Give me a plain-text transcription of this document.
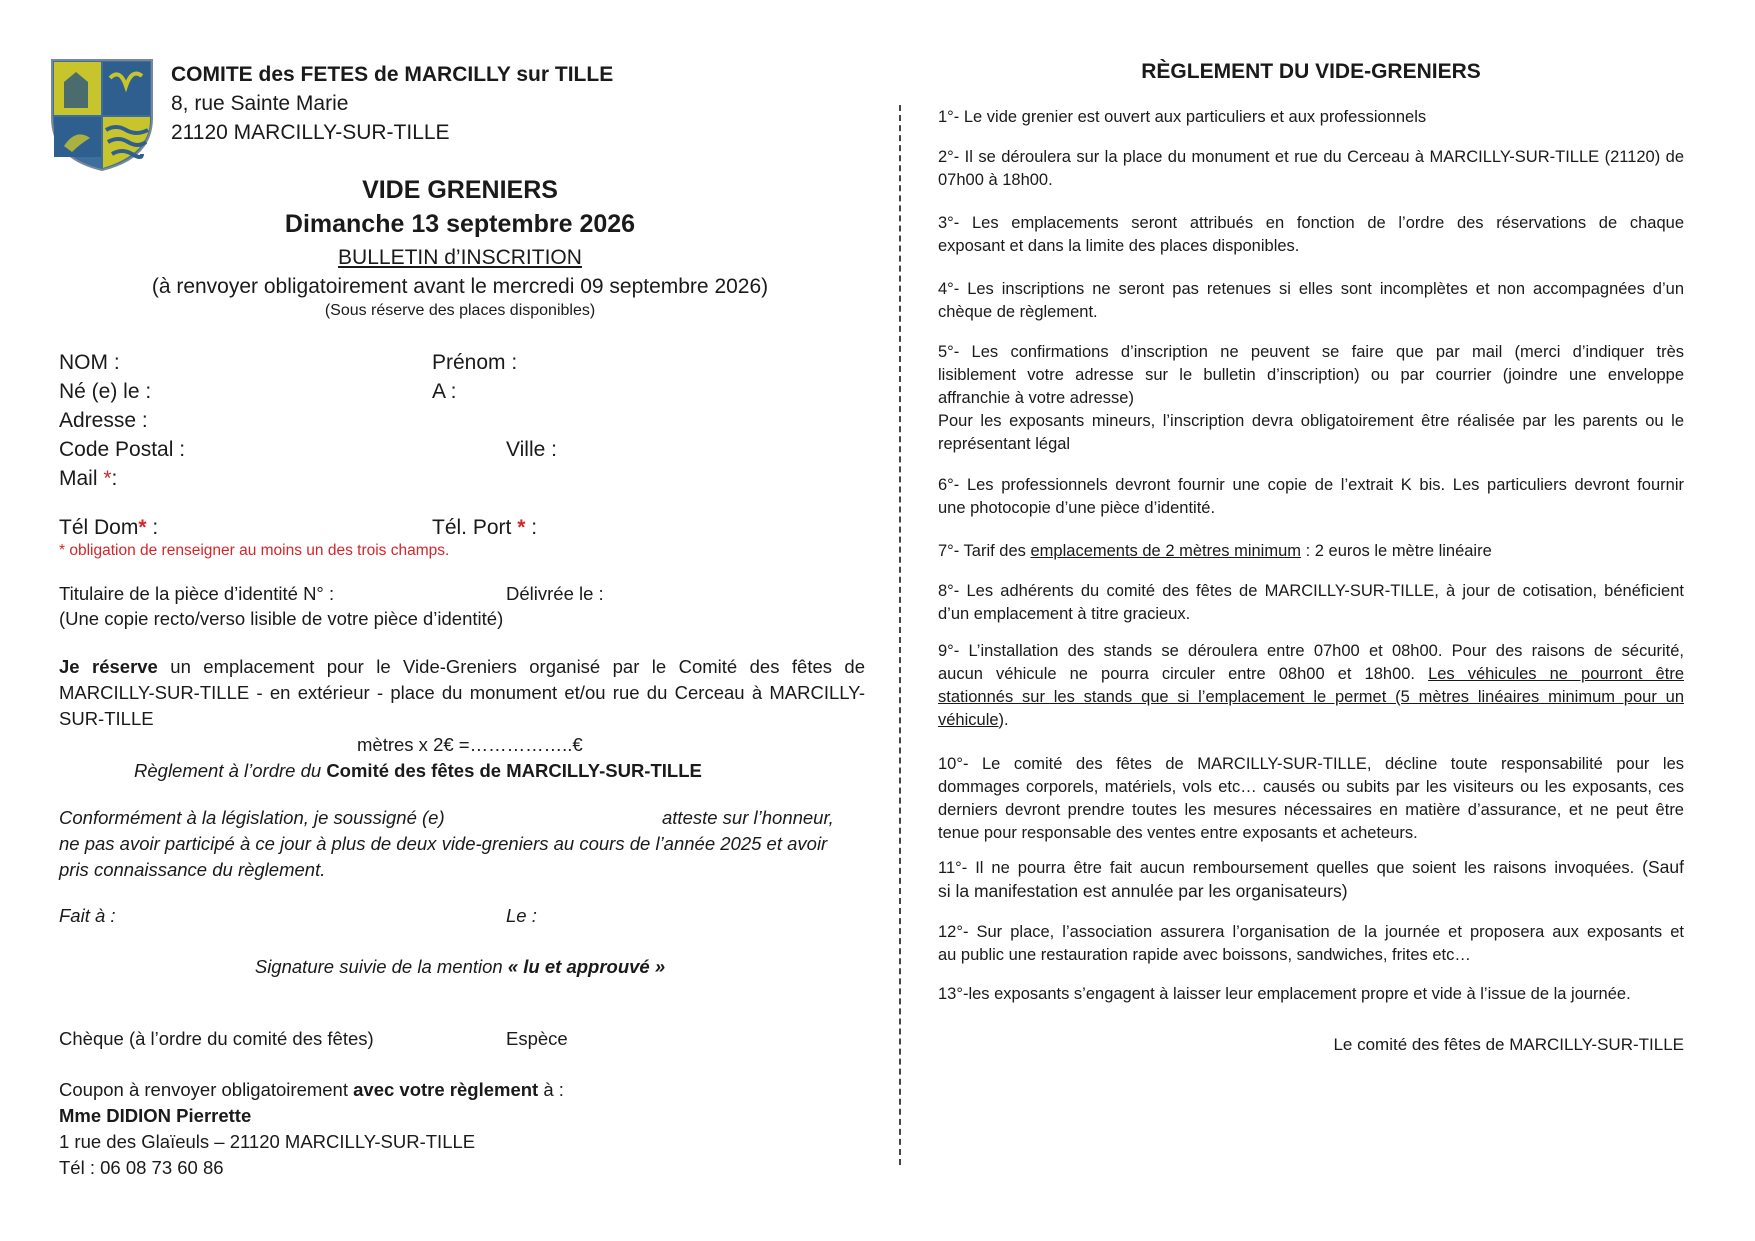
COMITE des FETES de MARCILLY sur TILLE
8, rue Sainte Marie
21120 MARCILLY-SUR-TILLE
VIDE GRENIERS
Dimanche 13 septembre 2026
BULLETIN d’INSCRITION
(à renvoyer obligatoirement avant le mercredi 09 septembre 2026)
(Sous réserve des places disponibles)
NOM :	Prénom :
Né (e) le :	A :
Adresse :
Code Postal :	Ville :
Mail *:
Tél Dom* :	Tél. Port * :
* obligation de renseigner au moins un des trois champs.
Titulaire de la pièce d’identité N° :	Délivrée le :
(Une copie recto/verso lisible de votre pièce d’identité)
Je réserve un emplacement pour le Vide-Greniers organisé par le Comité des fêtes de
MARCILLY-SUR-TILLE - en extérieur - place du monument et/ou rue du Cerceau à MARCILLY-
SUR-TILLE
mètres x 2€ =……………..€
Règlement à l’ordre du Comité des fêtes de MARCILLY-SUR-TILLE
Conformément à la législation, je soussigné (e)	atteste sur l’honneur,
ne pas avoir participé à ce jour à plus de deux vide-greniers au cours de l’année 2025 et avoir
pris connaissance du règlement.
Fait à :	Le :
Signature suivie de la mention « lu et approuvé »
Chèque (à l’ordre du comité des fêtes)	Espèce
Coupon à renvoyer obligatoirement avec votre règlement à :
Mme DIDION Pierrette
1 rue des Glaïeuls – 21120 MARCILLY-SUR-TILLE
Tél : 06 08 73 60 86
RÈGLEMENT DU VIDE-GRENIERS
1°- Le vide grenier est ouvert aux particuliers et aux professionnels
2°- Il se déroulera sur la place du monument et rue du Cerceau à MARCILLY-SUR-TILLE (21120) de
07h00 à 18h00.
3°- Les emplacements seront attribués en fonction de l’ordre des réservations de chaque
exposant et dans la limite des places disponibles.
4°- Les inscriptions ne seront pas retenues si elles sont incomplètes et non accompagnées d’un
chèque de règlement.
5°- Les confirmations d’inscription ne peuvent se faire que par mail (merci d’indiquer très
lisiblement votre adresse sur le bulletin d’inscription) ou par courrier (joindre une enveloppe
affranchie à votre adresse)
Pour les exposants mineurs, l’inscription devra obligatoirement être réalisée par les parents ou le
représentant légal
6°- Les professionnels devront fournir une copie de l’extrait K bis. Les particuliers devront fournir
une photocopie d’une pièce d’identité.
7°- Tarif des emplacements de 2 mètres minimum : 2 euros le mètre linéaire
8°- Les adhérents du comité des fêtes de MARCILLY-SUR-TILLE, à jour de cotisation, bénéficient
d’un emplacement à titre gracieux.
9°- L’installation des stands se déroulera entre 07h00 et 08h00. Pour des raisons de sécurité,
aucun véhicule ne pourra circuler entre 08h00 et 18h00. Les véhicules ne pourront être
stationnés sur les stands que si l’emplacement le permet (5 mètres linéaires minimum pour un
véhicule).
10°- Le comité des fêtes de MARCILLY-SUR-TILLE, décline toute responsabilité pour les
dommages corporels, matériels, vols etc… causés ou subits par les visiteurs ou les exposants, ces
derniers devront prendre toutes les mesures nécessaires en matière d’assurance, et ne peut être
tenue pour responsable des ventes entre exposants et acheteurs.
11°- Il ne pourra être fait aucun remboursement quelles que soient les raisons invoquées. (Sauf
si la manifestation est annulée par les organisateurs)
12°- Sur place, l’association assurera l’organisation de la journée et proposera aux exposants et
au public une restauration rapide avec boissons, sandwiches, frites etc…
13°-les exposants s’engagent à laisser leur emplacement propre et vide à l’issue de la journée.
Le comité des fêtes de MARCILLY-SUR-TILLE
